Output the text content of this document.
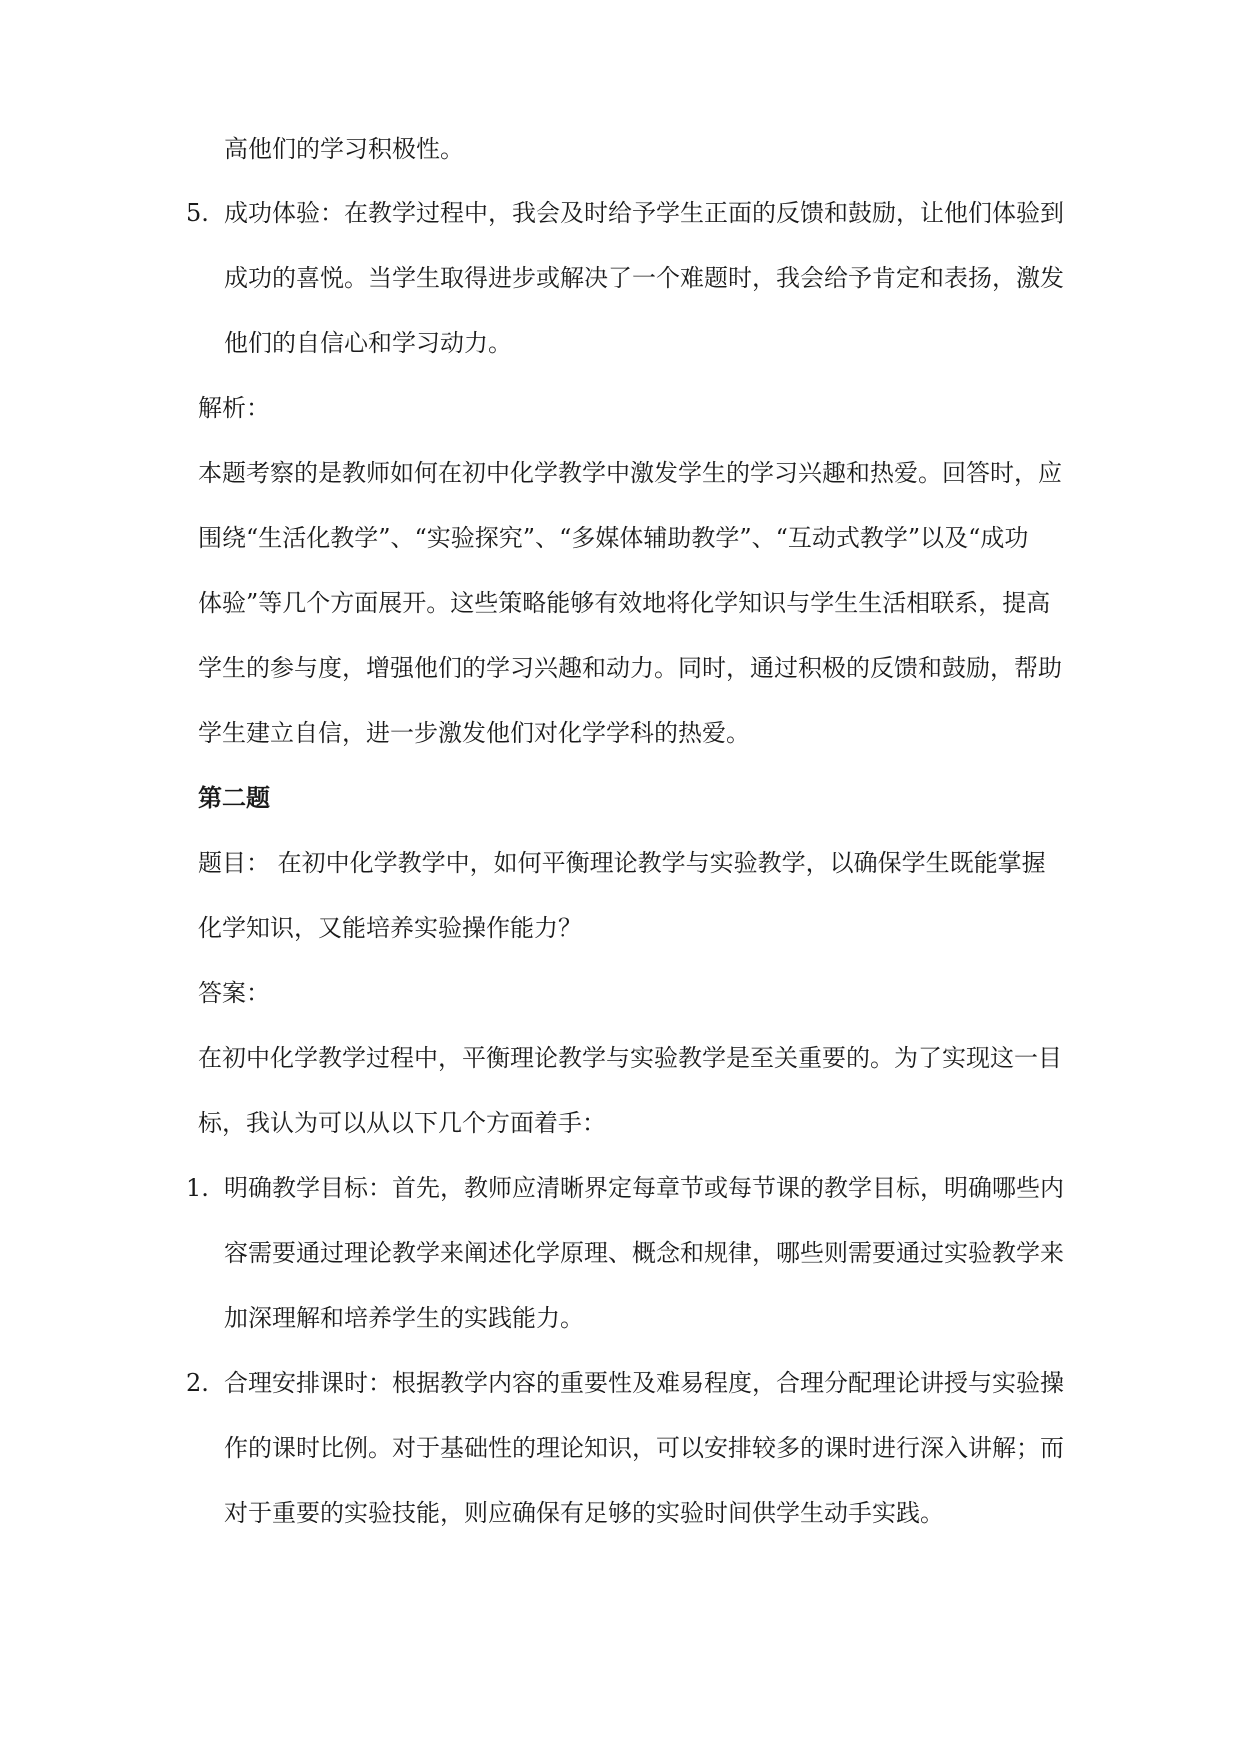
高他们的学习积极性。

5. 成功体验：在教学过程中，我会及时给予学生正面的反馈和鼓励，让他们体验到

成功的喜悦。当学生取得进步或解决了一个难题时，我会给予肯定和表扬，激发

他们的自信心和学习动力。

解析：

本题考察的是教师如何在初中化学教学中激发学生的学习兴趣和热爱。回答时，应

围绕“生活化教学”、“实验探究”、“多媒体辅助教学”、“互动式教学”以及“成功

体验”等几个方面展开。这些策略能够有效地将化学知识与学生生活相联系，提高

学生的参与度，增强他们的学习兴趣和动力。同时，通过积极的反馈和鼓励，帮助

学生建立自信，进一步激发他们对化学学科的热爱。

第二题

题目： 在初中化学教学中，如何平衡理论教学与实验教学，以确保学生既能掌握

化学知识，又能培养实验操作能力？

答案：

在初中化学教学过程中，平衡理论教学与实验教学是至关重要的。为了实现这一目

标，我认为可以从以下几个方面着手：

1. 明确教学目标：首先，教师应清晰界定每章节或每节课的教学目标，明确哪些内

容需要通过理论教学来阐述化学原理、概念和规律，哪些则需要通过实验教学来

加深理解和培养学生的实践能力。

2. 合理安排课时：根据教学内容的重要性及难易程度，合理分配理论讲授与实验操

作的课时比例。对于基础性的理论知识，可以安排较多的课时进行深入讲解；而

对于重要的实验技能，则应确保有足够的实验时间供学生动手实践。
